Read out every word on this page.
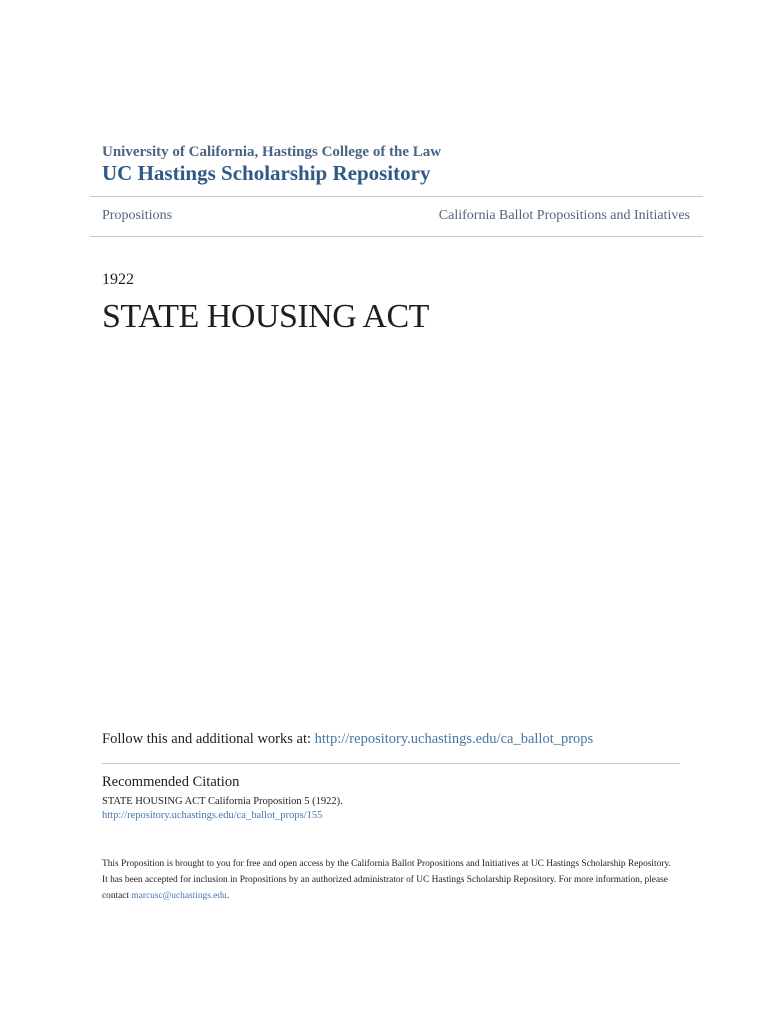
University of California, Hastings College of the Law
UC Hastings Scholarship Repository
Propositions	California Ballot Propositions and Initiatives
1922
STATE HOUSING ACT
Follow this and additional works at: http://repository.uchastings.edu/ca_ballot_props
Recommended Citation
STATE HOUSING ACT California Proposition 5 (1922).
http://repository.uchastings.edu/ca_ballot_props/155
This Proposition is brought to you for free and open access by the California Ballot Propositions and Initiatives at UC Hastings Scholarship Repository.
It has been accepted for inclusion in Propositions by an authorized administrator of UC Hastings Scholarship Repository. For more information, please
contact marcusc@uchastings.edu.
